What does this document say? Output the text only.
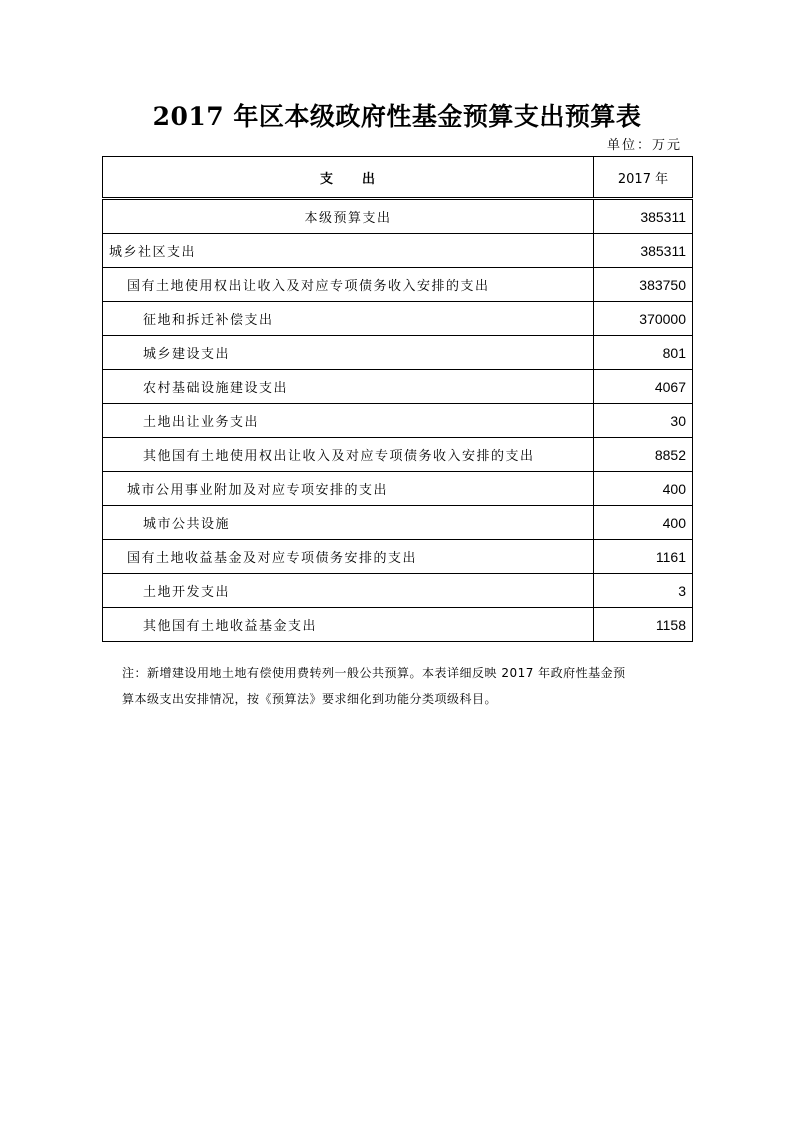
2017 年区本级政府性基金预算支出预算表
单位：万元
支　　出	2017 年
本级预算支出	385311
城乡社区支出	385311
国有土地使用权出让收入及对应专项债务收入安排的支出	383750
征地和拆迁补偿支出	370000
城乡建设支出	801
农村基础设施建设支出	4067
土地出让业务支出	30
其他国有土地使用权出让收入及对应专项债务收入安排的支出	8852
城市公用事业附加及对应专项安排的支出	400
城市公共设施	400
国有土地收益基金及对应专项债务安排的支出	1161
土地开发支出	3
其他国有土地收益基金支出	1158
注：新增建设用地土地有偿使用费转列一般公共预算。本表详细反映 2017 年政府性基金预
算本级支出安排情况，按《预算法》要求细化到功能分类项级科目。
